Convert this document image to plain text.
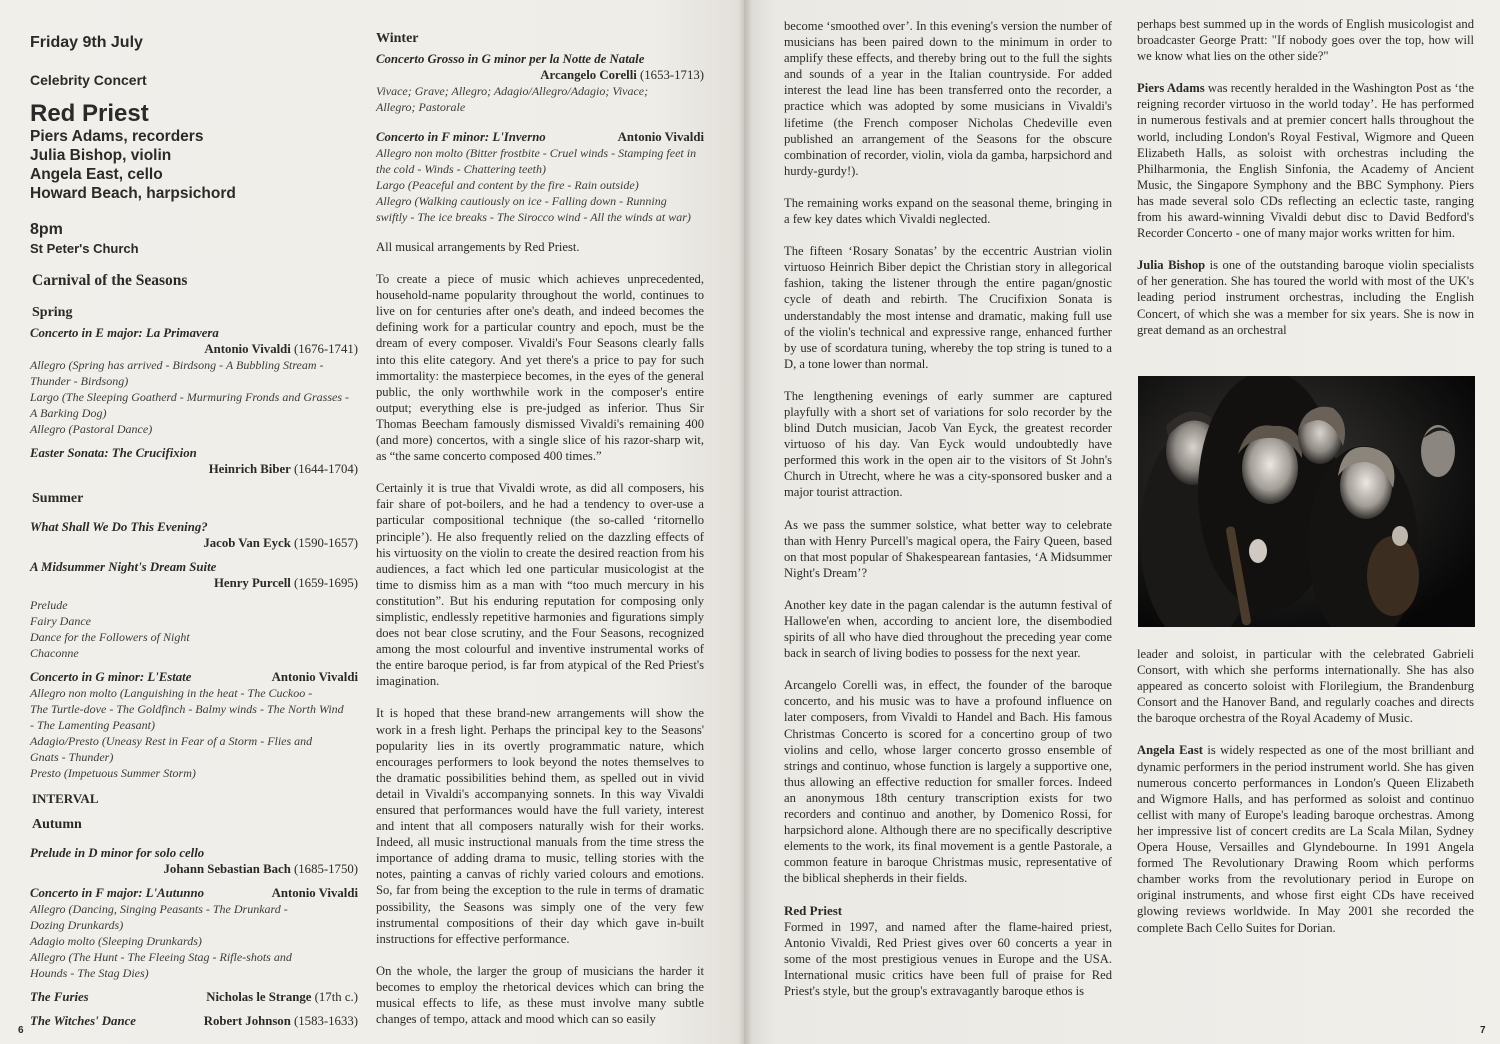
Friday 9th July
Celebrity Concert
Red Priest
Piers Adams, recorders
Julia Bishop, violin
Angela East, cello
Howard Beach, harpsichord
8pm
St Peter's Church
Carnival of the Seasons
Spring
Concerto in E major: La Primavera
Antonio Vivaldi (1676-1741)

Allegro (Spring has arrived - Birdsong - A Bubbling Stream -

Thunder - Birdsong)

Largo (The Sleeping Goatherd - Murmuring Fronds and Grasses -

A Barking Dog)

Allegro (Pastoral Dance)

Easter Sonata: The Crucifixion
Heinrich Biber (1644-1704)
Summer
What Shall We Do This Evening?
Jacob Van Eyck (1590-1657)
A Midsummer Night's Dream Suite
Henry Purcell (1659-1695)

Prelude

Fairy Dance

Dance for the Followers of Night

Chaconne

Concerto in G minor: L'Estate	Antonio Vivaldi

Allegro non molto (Languishing in the heat - The Cuckoo -

The Turtle-dove - The Goldfinch - Balmy winds - The North Wind

- The Lamenting Peasant)

Adagio/Presto (Uneasy Rest in Fear of a Storm - Flies and

Gnats - Thunder)

Presto (Impetuous Summer Storm)

INTERVAL
Autumn
Prelude in D minor for solo cello
Johann Sebastian Bach (1685-1750)
Concerto in F major: L'Autunno	Antonio Vivaldi

Allegro (Dancing, Singing Peasants - The Drunkard -

Dozing Drunkards)

Adagio molto (Sleeping Drunkards)

Allegro (The Hunt - The Fleeing Stag - Rifle-shots and

Hounds - The Stag Dies)

The Furies	Nicholas le Strange (17th c.)
The Witches' Dance	Robert Johnson (1583-1633)
6
Winter
Concerto Grosso in G minor per la Notte de Natale
Arcangelo Corelli (1653-1713)

Vivace; Grave; Allegro; Adagio/Allegro/Adagio; Vivace;

Allegro; Pastorale

Concerto in F minor: L'Inverno	Antonio Vivaldi

Allegro non molto (Bitter frostbite - Cruel winds - Stamping feet in

the cold - Winds - Chattering teeth)

Largo (Peaceful and content by the fire - Rain outside)

Allegro (Walking cautiously on ice - Falling down - Running

swiftly - The ice breaks - The Sirocco wind - All the winds at war)

All musical arrangements by Red Priest.

To create a piece of music which achieves unprecedented, household-name popularity throughout the world, continues to live on for centuries after one's death, and indeed becomes the defining work for a particular country and epoch, must be the dream of every composer. Vivaldi's Four Seasons clearly falls into this elite category. And yet there's a price to pay for such immortality: the masterpiece becomes, in the eyes of the general public, the only worthwhile work in the composer's entire output; everything else is pre-judged as inferior. Thus Sir Thomas Beecham famously dismissed Vivaldi's remaining 400 (and more) concertos, with a single slice of his razor-sharp wit, as “the same concerto composed 400 times.”

Certainly it is true that Vivaldi wrote, as did all composers, his fair share of pot-boilers, and he had a tendency to over-use a particular compositional technique (the so-called ‘ritornello principle’). He also frequently relied on the dazzling effects of his virtuosity on the violin to create the desired reaction from his audiences, a fact which led one particular musicologist at the time to dismiss him as a man with “too much mercury in his constitution”. But his enduring reputation for composing only simplistic, endlessly repetitive harmonies and figurations simply does not bear close scrutiny, and the Four Seasons, recognized among the most colourful and inventive instrumental works of the entire baroque period, is far from atypical of the Red Priest's imagination.

It is hoped that these brand-new arrangements will show the work in a fresh light. Perhaps the principal key to the Seasons' popularity lies in its overtly programmatic nature, which encourages performers to look beyond the notes themselves to the dramatic possibilities behind them, as spelled out in vivid detail in Vivaldi's accompanying sonnets. In this way Vivaldi ensured that performances would have the full variety, interest and intent that all composers naturally wish for their works. Indeed, all music instructional manuals from the time stress the importance of adding drama to music, telling stories with the notes, painting a canvas of richly varied colours and emotions. So, far from being the exception to the rule in terms of dramatic possibility, the Seasons was simply one of the very few instrumental compositions of their day which gave in-built instructions for effective performance.

On the whole, the larger the group of musicians the harder it becomes to employ the rhetorical devices which can bring the musical effects to life, as these must involve many subtle changes of tempo, attack and mood which can so easily

become ‘smoothed over’. In this evening's version the number of musicians has been paired down to the minimum in order to amplify these effects, and thereby bring out to the full the sights and sounds of a year in the Italian countryside. For added interest the lead line has been transferred onto the recorder, a practice which was adopted by some musicians in Vivaldi's lifetime (the French composer Nicholas Chedeville even published an arrangement of the Seasons for the obscure combination of recorder, violin, viola da gamba, harpsichord and hurdy-gurdy!).

The remaining works expand on the seasonal theme, bringing in a few key dates which Vivaldi neglected.

The fifteen ‘Rosary Sonatas’ by the eccentric Austrian violin virtuoso Heinrich Biber depict the Christian story in allegorical fashion, taking the listener through the entire pagan/gnostic cycle of death and rebirth. The Crucifixion Sonata is understandably the most intense and dramatic, making full use of the violin's technical and expressive range, enhanced further by use of scordatura tuning, whereby the top string is tuned to a D, a tone lower than normal.

The lengthening evenings of early summer are captured playfully with a short set of variations for solo recorder by the blind Dutch musician, Jacob Van Eyck, the greatest recorder virtuoso of his day. Van Eyck would undoubtedly have performed this work in the open air to the visitors of St John's Church in Utrecht, where he was a city-sponsored busker and a major tourist attraction.

As we pass the summer solstice, what better way to celebrate than with Henry Purcell's magical opera, the Fairy Queen, based on that most popular of Shakespearean fantasies, ‘A Midsummer Night's Dream’?

Another key date in the pagan calendar is the autumn festival of Hallowe'en when, according to ancient lore, the disembodied spirits of all who have died throughout the preceding year come back in search of living bodies to possess for the next year.

Arcangelo Corelli was, in effect, the founder of the baroque concerto, and his music was to have a profound influence on later composers, from Vivaldi to Handel and Bach. His famous Christmas Concerto is scored for a concertino group of two violins and cello, whose larger concerto grosso ensemble of strings and continuo, whose function is largely a supportive one, thus allowing an effective reduction for smaller forces. Indeed an anonymous 18th century transcription exists for two recorders and continuo and another, by Domenico Rossi, for harpsichord alone. Although there are no specifically descriptive elements to the work, its final movement is a gentle Pastorale, a common feature in baroque Christmas music, representative of the biblical shepherds in their fields.

Red Priest

Formed in 1997, and named after the flame-haired priest, Antonio Vivaldi, Red Priest gives over 60 concerts a year in some of the most prestigious venues in Europe and the USA. International music critics have been full of praise for Red Priest's style, but the group's extravagantly baroque ethos is

perhaps best summed up in the words of English musicologist and broadcaster George Pratt: "If nobody goes over the top, how will we know what lies on the other side?"

Piers Adams was recently heralded in the Washington Post as ‘the reigning recorder virtuoso in the world today’. He has performed in numerous festivals and at premier concert halls throughout the world, including London's Royal Festival, Wigmore and Queen Elizabeth Halls, as soloist with orchestras including the Philharmonia, the English Sinfonia, the Academy of Ancient Music, the Singapore Symphony and the BBC Symphony. Piers has made several solo CDs reflecting an eclectic taste, ranging from his award-winning Vivaldi debut disc to David Bedford's Recorder Concerto - one of many major works written for him.

Julia Bishop is one of the outstanding baroque violin specialists of her generation. She has toured the world with most of the UK's leading period instrument orchestras, including the English Concert, of which she was a member for six years. She is now in great demand as an orchestral

leader and soloist, in particular with the celebrated Gabrieli Consort, with which she performs internationally. She has also appeared as concerto soloist with Florilegium, the Brandenburg Consort and the Hanover Band, and regularly coaches and directs the baroque orchestra of the Royal Academy of Music.

Angela East is widely respected as one of the most brilliant and dynamic performers in the period instrument world. She has given numerous concerto performances in London's Queen Elizabeth and Wigmore Halls, and has performed as soloist and continuo cellist with many of Europe's leading baroque orchestras. Among her impressive list of concert credits are La Scala Milan, Sydney Opera House, Versailles and Glyndebourne. In 1991 Angela formed The Revolutionary Drawing Room which performs chamber works from the revolutionary period in Europe on original instruments, and whose first eight CDs have received glowing reviews worldwide. In May 2001 she recorded the complete Bach Cello Suites for Dorian.

7
